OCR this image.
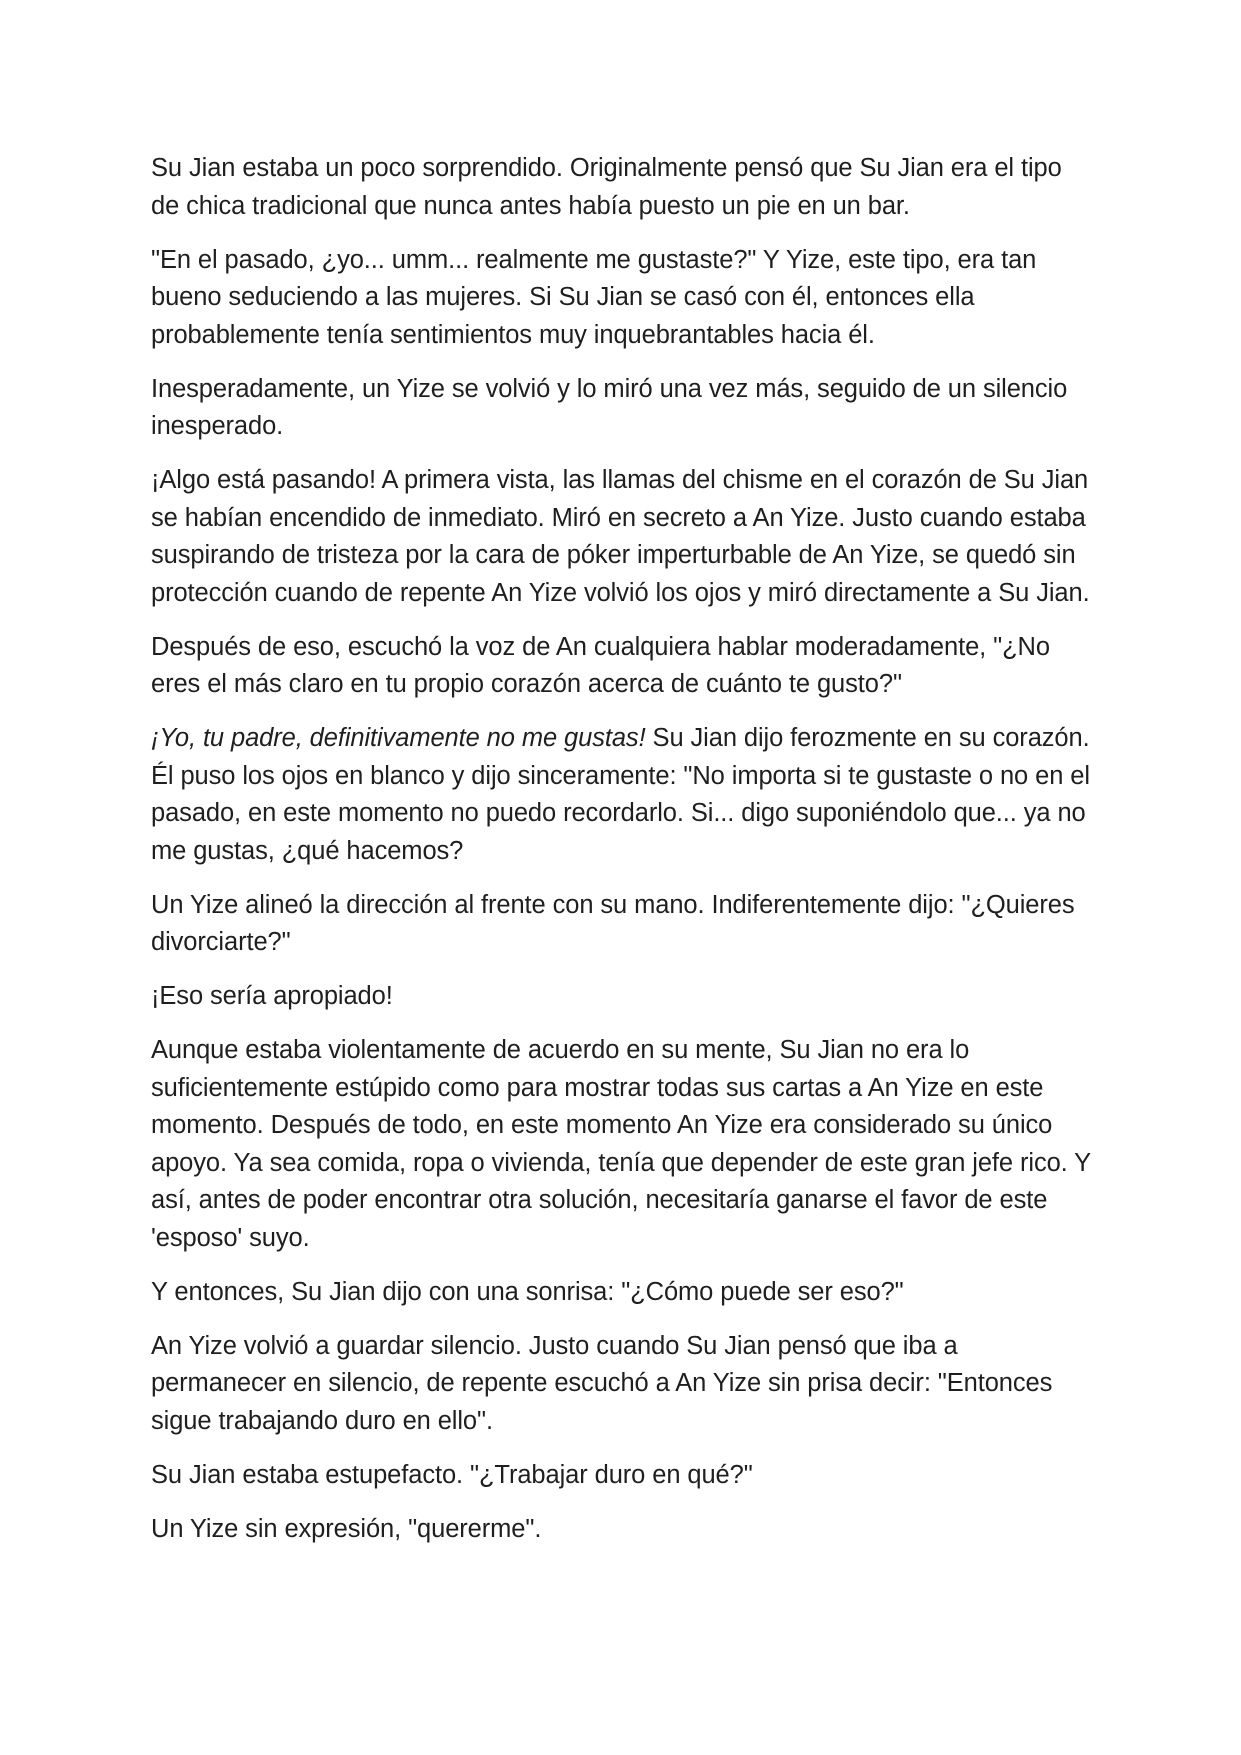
Su Jian estaba un poco sorprendido. Originalmente pensó que Su Jian era el tipo de chica tradicional que nunca antes había puesto un pie en un bar.

"En el pasado, ¿yo... umm... realmente me gustaste?" Y Yize, este tipo, era tan bueno seduciendo a las mujeres. Si Su Jian se casó con él, entonces ella probablemente tenía sentimientos muy inquebrantables hacia él.

Inesperadamente, un Yize se volvió y lo miró una vez más, seguido de un silencio inesperado.

¡Algo está pasando! A primera vista, las llamas del chisme en el corazón de Su Jian se habían encendido de inmediato. Miró en secreto a An Yize. Justo cuando estaba suspirando de tristeza por la cara de póker imperturbable de An Yize, se quedó sin protección cuando de repente An Yize volvió los ojos y miró directamente a Su Jian.

Después de eso, escuchó la voz de An cualquiera hablar moderadamente, "¿No eres el más claro en tu propio corazón acerca de cuánto te gusto?"

¡Yo, tu padre, definitivamente no me gustas! Su Jian dijo ferozmente en su corazón. Él puso los ojos en blanco y dijo sinceramente: "No importa si te gustaste o no en el pasado, en este momento no puedo recordarlo. Si... digo suponiéndolo que... ya no me gustas, ¿qué hacemos?

Un Yize alineó la dirección al frente con su mano. Indiferentemente dijo: "¿Quieres divorciarte?"

¡Eso sería apropiado!

Aunque estaba violentamente de acuerdo en su mente, Su Jian no era lo suficientemente estúpido como para mostrar todas sus cartas a An Yize en este momento. Después de todo, en este momento An Yize era considerado su único apoyo. Ya sea comida, ropa o vivienda, tenía que depender de este gran jefe rico. Y así, antes de poder encontrar otra solución, necesitaría ganarse el favor de este 'esposo' suyo.

Y entonces, Su Jian dijo con una sonrisa: "¿Cómo puede ser eso?"

An Yize volvió a guardar silencio. Justo cuando Su Jian pensó que iba a permanecer en silencio, de repente escuchó a An Yize sin prisa decir: "Entonces sigue trabajando duro en ello".

Su Jian estaba estupefacto. "¿Trabajar duro en qué?"

Un Yize sin expresión, "quererme".
